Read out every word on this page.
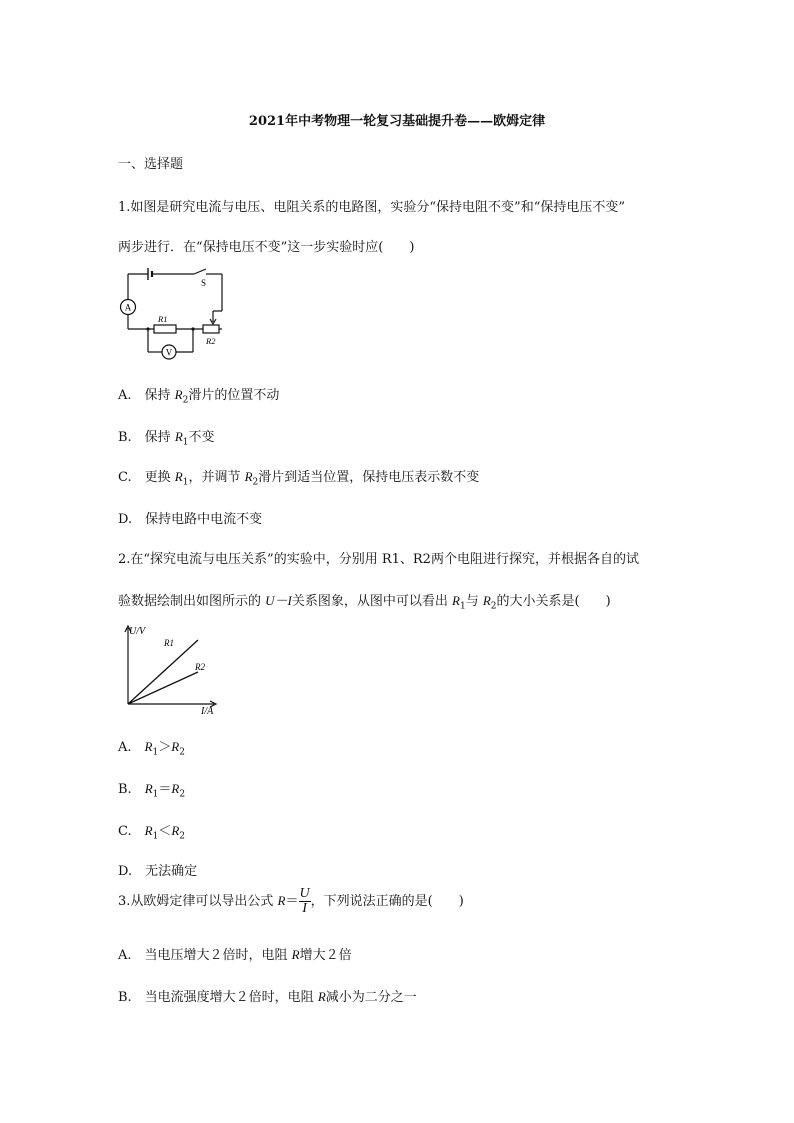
2021年中考物理一轮复习基础提升卷——欧姆定律
一、选择题
1.如图是研究电流与电压、电阻关系的电路图，实验分“保持电阻不变”和“保持电压不变”
两步进行．在“保持电压不变”这一步实验时应(　　)
S
A
V
R1
R2
A.　保持 $R_2$滑片的位置不动
B.　保持 $R_1$不变
C.　更换 $R_1$，并调节 $R_2$滑片到适当位置，保持电压表示数不变
D.　保持电路中电流不变
2.在“探究电流与电压关系”的实验中，分别用 R1、R2两个电阻进行探究，并根据各自的试
验数据绘制出如图所示的 U－I关系图象，从图中可以看出 $R_1$与 $R_2$的大小关系是(　　)
U/V
I/A
R1
R2
A.　$R_1>R_2$
B.　$R_1=R_2$
C.　$R_1<R_2$
D.　无法确定
3.从欧姆定律可以导出公式 $R= \frac{U}{I}$ ，下列说法正确的是(　　)
A.　当电压增大２倍时，电阻 R增大２倍
B.　当电流强度增大２倍时，电阻 R减小为二分之一
